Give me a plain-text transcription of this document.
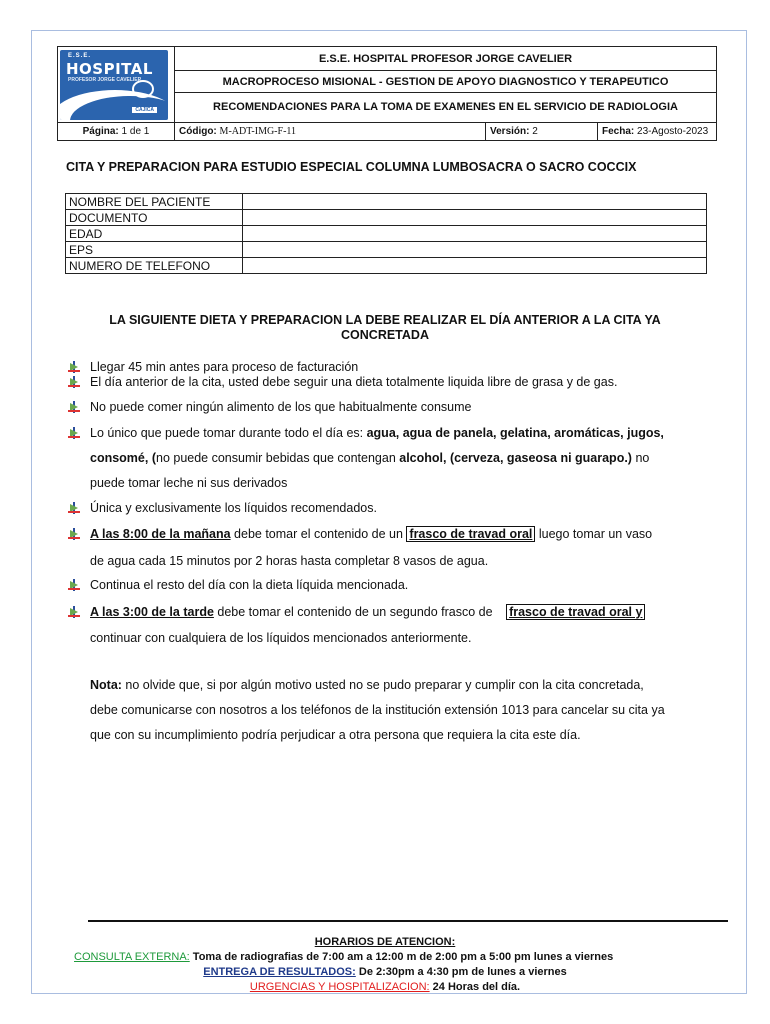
E.S.E.
HOSPITAL
PROFESOR JORGE CAVELIER
CAJICA	E.S.E. HOSPITAL PROFESOR JORGE CAVELIER	
	MACROPROCESO MISIONAL - GESTION DE APOYO DIAGNOSTICO Y TERAPEUTICO	
	RECOMENDACIONES PARA LA TOMA DE EXAMENES EN EL SERVICIO DE RADIOLOGIA	
Página: 1 de 1	Código: M-ADT-IMG-F-11	Versión: 2 Fecha: 23-Agosto-2023
CITA Y PREPARACION PARA ESTUDIO ESPECIAL COLUMNA LUMBOSACRA O SACRO COCCIX
NOMBRE DEL PACIENTE	
DOCUMENTO	
EDAD	
EPS	
NUMERO DE TELEFONO	
LA SIGUIENTE DIETA Y PREPARACION LA DEBE REALIZAR EL DÍA ANTERIOR A LA CITA YA
CONCRETADA
Llegar 45 min antes para proceso de facturación
El día anterior de la cita, usted debe seguir una dieta totalmente liquida libre de grasa y de gas.
No puede comer ningún alimento de los que habitualmente consume
Lo único que puede tomar durante todo el día es: agua, agua de panela, gelatina, aromáticas, jugos,
consomé, (no puede consumir bebidas que contengan alcohol, (cerveza, gaseosa ni guarapo.) no
puede tomar leche ni sus derivados
Única y exclusivamente los líquidos recomendados.
A las 8:00 de la mañana debe tomar el contenido de un frasco de travad oral luego tomar un vaso
de agua cada 15 minutos por 2 horas hasta completar 8 vasos de agua.
Continua el resto del día con la dieta líquida mencionada.
A las 3:00 de la tarde debe tomar el contenido de un segundo frasco de frasco de travad oral y
continuar con cualquiera de los líquidos mencionados anteriormente.
Nota: no olvide que, si por algún motivo usted no se pudo preparar y cumplir con la cita concretada,
debe comunicarse con nosotros a los teléfonos de la institución extensión 1013 para cancelar su cita ya
que con su incumplimiento podría perjudicar a otra persona que requiera la cita este día.
HORARIOS DE ATENCION:
CONSULTA EXTERNA: Toma de radiografias de 7:00 am a 12:00 m de 2:00 pm a 5:00 pm lunes a viernes
ENTREGA DE RESULTADOS: De 2:30pm a 4:30 pm de lunes a viernes
URGENCIAS Y HOSPITALIZACION: 24 Horas del día.
